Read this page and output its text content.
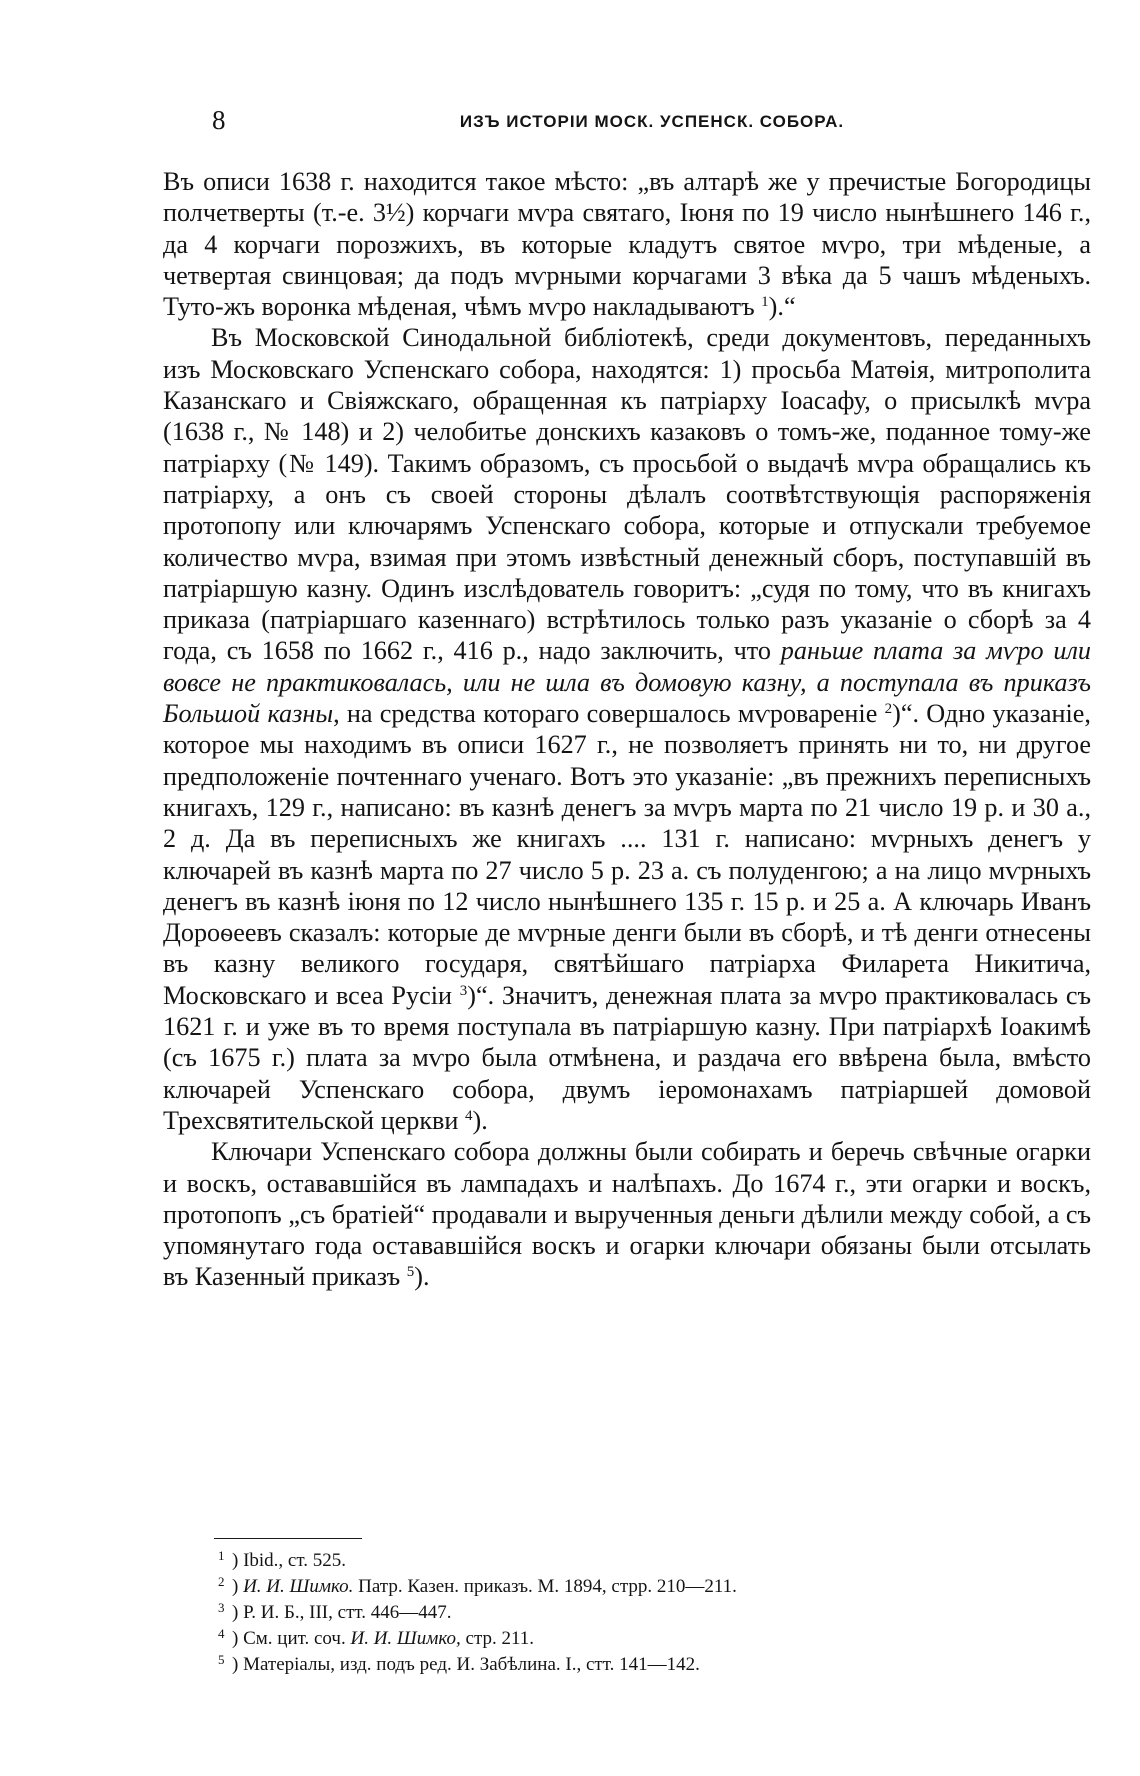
8	ИЗЪ ИСТОРІИ МОСК. УСПЕНСК. СОБОРА.

Въ описи 1638 г. находится такое мѣсто: „въ алтарѣ же у пречистые Богородицы полчетверты (т.-е. 3½) корчаги мѵра святаго, Іюня по 19 число нынѣшнего 146 г., да 4 корчаги порозжихъ, въ которые кладутъ святое мѵро, три мѣденые, а четвертая свинцовая; да подъ мѵрными корчагами 3 вѣка да 5 чашъ мѣденыхъ. Туто-жъ воронка мѣденая, чѣмъ мѵро накладываютъ $^1$).“

Въ Московской Синодальной библіотекѣ, среди документовъ, переданныхъ изъ Московскаго Успенскаго собора, находятся: 1) просьба Матѳія, митрополита Казанскаго и Свіяжскаго, обращенная къ патріарху Іоасафу, о присылкѣ мѵра (1638 г., № 148) и 2) челобитье донскихъ казаковъ о томъ-же, поданное тому-же патріарху (№ 149). Такимъ образомъ, съ просьбой о выдачѣ мѵра обращались къ патріарху, а онъ съ своей стороны дѣлалъ соотвѣтствующія распоряженія протопопу или ключарямъ Успенскаго собора, которые и отпускали требуемое количество мѵра, взимая при этомъ извѣстный денежный сборъ, поступавшій въ патріаршую казну. Одинъ изслѣдователь говоритъ: „судя по тому, что въ книгахъ приказа (патріаршаго казеннаго) встрѣтилось только разъ указаніе о сборѣ за 4 года, съ 1658 по 1662 г., 416 р., надо заключить, что раньше плата за мѵро или вовсе не практиковалась, или не шла въ домовую казну, а поступала въ приказъ Большой казны, на средства котораго совершалось мѵровареніе $^2$)“. Одно указаніе, которое мы находимъ въ описи 1627 г., не позволяетъ принять ни то, ни другое предположеніе почтеннаго ученаго. Вотъ это указаніе: „въ прежнихъ переписныхъ книгахъ, 129 г., написано: въ казнѣ денегъ за мѵръ марта по 21 число 19 р. и 30 а., 2 д. Да въ переписныхъ же книгахъ .... 131 г. написано: мѵрныхъ денегъ у ключарей въ казнѣ марта по 27 число 5 р. 23 а. съ полуденгою; а на лицо мѵрныхъ денегъ въ казнѣ іюня по 12 число нынѣшнего 135 г. 15 р. и 25 а. А ключарь Иванъ Дороѳеевъ сказалъ: которые де мѵрные денги были въ сборѣ, и тѣ денги отнесены въ казну великого государя, святѣйшаго патріарха Филарета Никитича, Московскаго и всеа Русіи $^3$)“. Значитъ, денежная плата за мѵро практиковалась съ 1621 г. и уже въ то время поступала въ патріаршую казну. При патріархѣ Іоакимѣ (съ 1675 г.) плата за мѵро была отмѣнена, и раздача его ввѣрена была, вмѣсто ключарей Успенскаго собора, двумъ іеромонахамъ патріаршей домовой Трехсвятительской церкви $^4$).

Ключари Успенскаго собора должны были собирать и беречь свѣчные огарки и воскъ, остававшійся въ лампадахъ и налѣпахъ. До 1674 г., эти огарки и воскъ, протопопъ „съ братіей“ продавали и вырученныя деньги дѣлили между собой, а съ упомянутаго года остававшійся воскъ и огарки ключари обязаны были отсылать въ Казенный приказъ $^5$).

1 ) Ibid., ст. 525.
2 ) И. И. Шимко. Патр. Казен. приказъ. М. 1894, стрр. 210—211.
3 ) Р. И. Б., III, стт. 446—447.
4 ) См. цит. соч. И. И. Шимко, стр. 211.
5 ) Матеріалы, изд. подъ ред. И. Забѣлина. I., стт. 141—142.
